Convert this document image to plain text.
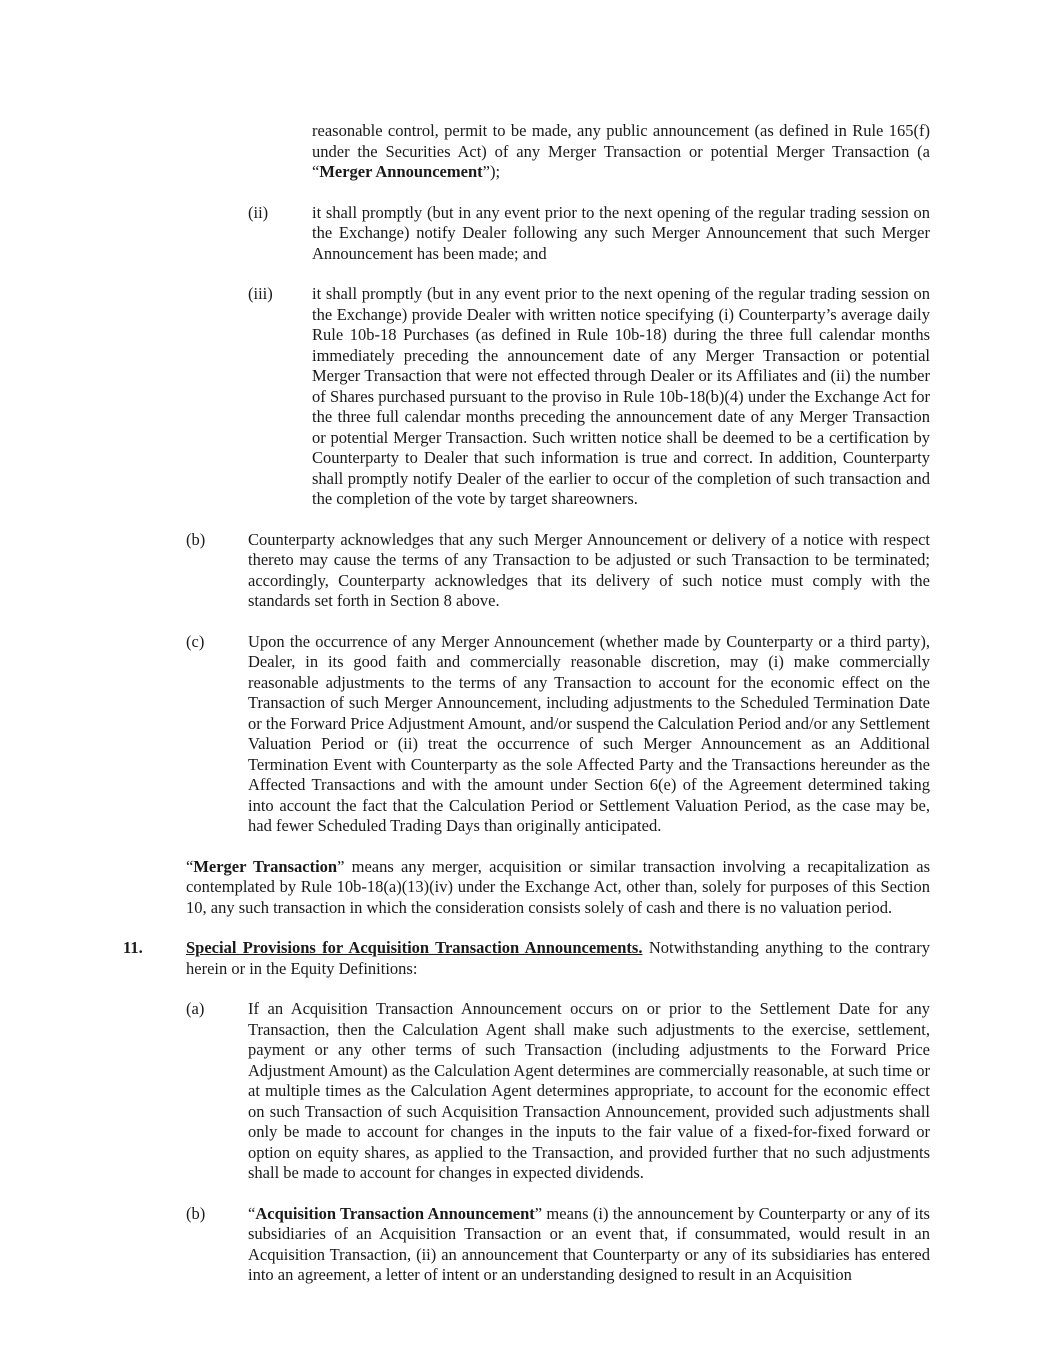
reasonable control, permit to be made, any public announcement (as defined in Rule 165(f) under the Securities Act) of any Merger Transaction or potential Merger Transaction (a “Merger Announcement”);
(ii)	it shall promptly (but in any event prior to the next opening of the regular trading session on the Exchange) notify Dealer following any such Merger Announcement that such Merger Announcement has been made; and
(iii)	it shall promptly (but in any event prior to the next opening of the regular trading session on the Exchange) provide Dealer with written notice specifying (i) Counterparty’s average daily Rule 10b-18 Purchases (as defined in Rule 10b-18) during the three full calendar months immediately preceding the announcement date of any Merger Transaction or potential Merger Transaction that were not effected through Dealer or its Affiliates and (ii) the number of Shares purchased pursuant to the proviso in Rule 10b-18(b)(4) under the Exchange Act for the three full calendar months preceding the announcement date of any Merger Transaction or potential Merger Transaction. Such written notice shall be deemed to be a certification by Counterparty to Dealer that such information is true and correct. In addition, Counterparty shall promptly notify Dealer of the earlier to occur of the completion of such transaction and the completion of the vote by target shareowners.
(b)	Counterparty acknowledges that any such Merger Announcement or delivery of a notice with respect thereto may cause the terms of any Transaction to be adjusted or such Transaction to be terminated; accordingly, Counterparty acknowledges that its delivery of such notice must comply with the standards set forth in Section 8 above.
(c)	Upon the occurrence of any Merger Announcement (whether made by Counterparty or a third party), Dealer, in its good faith and commercially reasonable discretion, may (i) make commercially reasonable adjustments to the terms of any Transaction to account for the economic effect on the Transaction of such Merger Announcement, including adjustments to the Scheduled Termination Date or the Forward Price Adjustment Amount, and/or suspend the Calculation Period and/or any Settlement Valuation Period or (ii) treat the occurrence of such Merger Announcement as an Additional Termination Event with Counterparty as the sole Affected Party and the Transactions hereunder as the Affected Transactions and with the amount under Section 6(e) of the Agreement determined taking into account the fact that the Calculation Period or Settlement Valuation Period, as the case may be, had fewer Scheduled Trading Days than originally anticipated.
“Merger Transaction” means any merger, acquisition or similar transaction involving a recapitalization as contemplated by Rule 10b-18(a)(13)(iv) under the Exchange Act, other than, solely for purposes of this Section 10, any such transaction in which the consideration consists solely of cash and there is no valuation period.
11.	Special Provisions for Acquisition Transaction Announcements. Notwithstanding anything to the contrary herein or in the Equity Definitions:
(a)	If an Acquisition Transaction Announcement occurs on or prior to the Settlement Date for any Transaction, then the Calculation Agent shall make such adjustments to the exercise, settlement, payment or any other terms of such Transaction (including adjustments to the Forward Price Adjustment Amount) as the Calculation Agent determines are commercially reasonable, at such time or at multiple times as the Calculation Agent determines appropriate, to account for the economic effect on such Transaction of such Acquisition Transaction Announcement, provided such adjustments shall only be made to account for changes in the inputs to the fair value of a fixed-for-fixed forward or option on equity shares, as applied to the Transaction, and provided further that no such adjustments shall be made to account for changes in expected dividends.
(b)	“Acquisition Transaction Announcement” means (i) the announcement by Counterparty or any of its subsidiaries of an Acquisition Transaction or an event that, if consummated, would result in an Acquisition Transaction, (ii) an announcement that Counterparty or any of its subsidiaries has entered into an agreement, a letter of intent or an understanding designed to result in an Acquisition
